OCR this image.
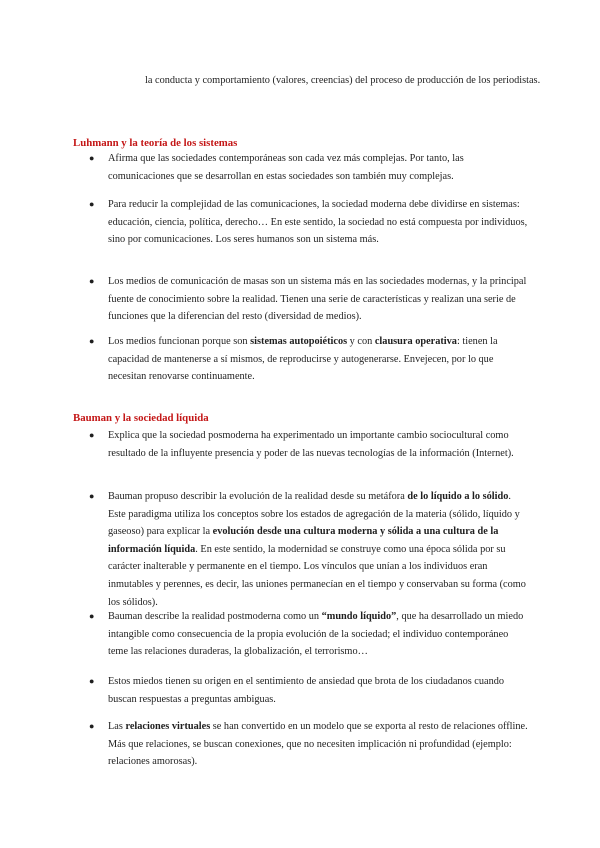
la conducta y comportamiento (valores, creencias) del proceso de producción de los periodistas.

Luhmann y la teoría de los sistemas
●	Afirma que las sociedades contemporáneas son cada vez más complejas. Por tanto, las comunicaciones que se desarrollan en estas sociedades son también muy complejas.

●	Para reducir la complejidad de las comunicaciones, la sociedad moderna debe dividirse en sistemas: educación, ciencia, política, derecho… En este sentido, la sociedad no está compuesta por individuos, sino por comunicaciones. Los seres humanos son un sistema más.

●	Los medios de comunicación de masas son un sistema más en las sociedades modernas, y la principal fuente de conocimiento sobre la realidad. Tienen una serie de características y realizan una serie de funciones que la diferencian del resto (diversidad de medios).

●	Los medios funcionan porque son sistemas autopoiéticos y con clausura operativa: tienen la capacidad de mantenerse a sí mismos, de reproducirse y autogenerarse. Envejecen, por lo que necesitan renovarse continuamente.

Bauman y la sociedad líquida
●	Explica que la sociedad posmoderna ha experimentado un importante cambio sociocultural como resultado de la influyente presencia y poder de las nuevas tecnologías de la información (Internet).

●	Bauman propuso describir la evolución de la realidad desde su metáfora de lo líquido a lo sólido. Este paradigma utiliza los conceptos sobre los estados de agregación de la materia (sólido, líquido y gaseoso) para explicar la evolución desde una cultura moderna y sólida a una cultura de la información líquida. En este sentido, la modernidad se construye como una época sólida por su carácter inalterable y permanente en el tiempo. Los vínculos que unían a los individuos eran inmutables y perennes, es decir, las uniones permanecían en el tiempo y conservaban su forma (como los sólidos).

●	Bauman describe la realidad postmoderna como un “mundo líquido”, que ha desarrollado un miedo intangible como consecuencia de la propia evolución de la sociedad; el individuo contemporáneo teme las relaciones duraderas, la globalización, el terrorismo…

●	Estos miedos tienen su origen en el sentimiento de ansiedad que brota de los ciudadanos cuando buscan respuestas a preguntas ambiguas.

●	Las relaciones virtuales se han convertido en un modelo que se exporta al resto de relaciones offline. Más que relaciones, se buscan conexiones, que no necesiten implicación ni profundidad (ejemplo: relaciones amorosas).
